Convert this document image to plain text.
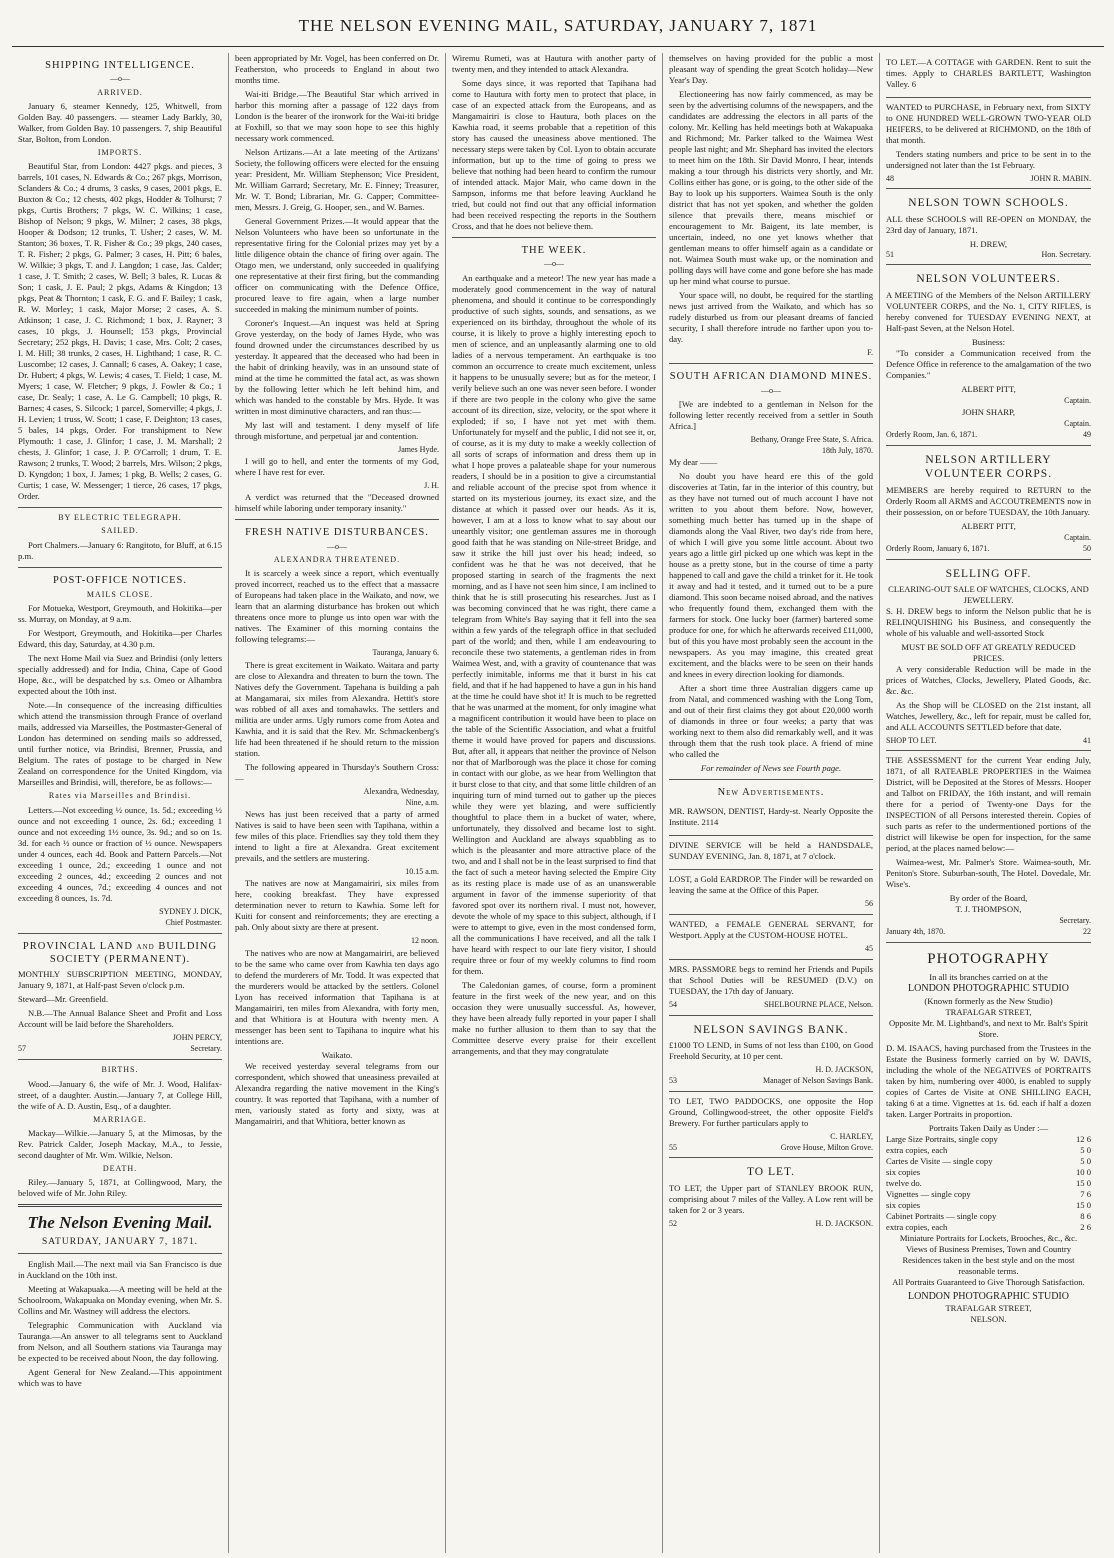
THE NELSON EVENING MAIL, SATURDAY, JANUARY 7, 1871
SHIPPING INTELLIGENCE.
—o—
ARRIVED.

January 6, steamer Kennedy, 125, Whitwell, from Golden Bay. 40 passengers. — steamer Lady Barkly, 30, Walker, from Golden Bay. 10 passengers. 7, ship Beautiful Star, Bolton, from London.

IMPORTS.

Beautiful Star, from London: 4427 pkgs. and pieces, 3 barrels, 101 cases, N. Edwards & Co.; 267 pkgs, Morrison, Sclanders & Co.; 4 drums, 3 casks, 9 cases, 2001 pkgs, E. Buxton & Co.; 12 chests, 402 pkgs, Hodder & Tolhurst; 7 pkgs, Curtis Brothers; 7 pkgs, W. C. Wilkins; 1 case, Bishop of Nelson; 9 pkgs, W. Milner; 2 cases, 38 pkgs, Hooper & Dodson; 12 trunks, T. Usher; 2 cases, W. M. Stanton; 36 boxes, T. R. Fisher & Co.; 39 pkgs, 240 cases, T. R. Fisher; 2 pkgs, G. Palmer; 3 cases, H. Pitt; 6 bales, W. Wilkie; 3 pkgs, T. and J. Langdon; 1 case, Jas. Calder; 1 case, J. T. Smith; 2 cases, W. Bell; 3 bales, R. Lucas & Son; 1 cask, J. E. Paul; 2 pkgs, Adams & Kingdon; 13 pkgs, Peat & Thornton; 1 cask, F. G. and F. Bailey; 1 cask, R. W. Morley; 1 cask, Major Morse; 2 cases, A. S. Atkinson; 1 case, J. C. Richmond; 1 box, J. Rayner; 3 cases, 10 pkgs, J. Hounsell; 153 pkgs, Provincial Secretary; 252 pkgs, H. Davis; 1 case, Mrs. Colt; 2 cases, I. M. Hill; 38 trunks, 2 cases, H. Lighthand; 1 case, R. C. Luscombe; 12 cases, J. Cannall; 6 cases, A. Oakey; 1 case, Dr. Hubert; 4 pkgs, W. Lewis; 4 cases, T. Field; 1 case, M. Myers; 1 case, W. Fletcher; 9 pkgs, J. Fowler & Co.; 1 case, Dr. Sealy; 1 case, A. Le G. Campbell; 10 pkgs, R. Barnes; 4 cases, S. Silcock; 1 parcel, Somerville; 4 pkgs, J. H. Levien; 1 truss, W. Scott; 1 case, F. Deighton; 13 cases, 5 bales, 14 pkgs, Order. For transhipment to New Plymouth: 1 case, J. Glinfor; 1 case, J. M. Marshall; 2 chests, J. Glinfor; 1 case, J. P. O'Carroll; 1 drum, T. E. Rawson; 2 trunks, T. Wood; 2 barrels, Mrs. Wilson; 2 pkgs, D. Kyngdon; 1 box, J. James; 1 pkg, B. Wells; 2 cases, G. Curtis; 1 case, W. Messenger; 1 tierce, 26 cases, 17 pkgs, Order.

BY ELECTRIC TELEGRAPH.
SAILED.

Port Chalmers.—January 6: Rangitoto, for Bluff, at 6.15 p.m.

POST-OFFICE NOTICES.
MAILS CLOSE.

For Motueka, Westport, Greymouth, and Hokitika—per ss. Murray, on Monday, at 9 a.m.

For Westport, Greymouth, and Hokitika—per Charles Edward, this day, Saturday, at 4.30 p.m.

The next Home Mail via Suez and Brindisi (only letters specially addressed) and for India, China, Cape of Good Hope, &c., will be despatched by s.s. Omeo or Alhambra expected about the 10th inst.

Note.—In consequence of the increasing difficulties which attend the transmission through France of overland mails, addressed via Marseilles, the Postmaster-General of London has determined on sending mails so addressed, until further notice, via Brindisi, Brenner, Prussia, and Belgium. The rates of postage to be charged in New Zealand on correspondence for the United Kingdom, via Marseilles and Brindisi, will, therefore, be as follows:—

Rates via Marseilles and Brindisi.

Letters.—Not exceeding ½ ounce, 1s. 5d.; exceeding ½ ounce and not exceeding 1 ounce, 2s. 6d.; exceeding 1 ounce and not exceeding 1½ ounce, 3s. 9d.; and so on 1s. 3d. for each ½ ounce or fraction of ½ ounce. Newspapers under 4 ounces, each 4d. Book and Pattern Parcels.—Not exceeding 1 ounce, 2d.; exceeding 1 ounce and not exceeding 2 ounces, 4d.; exceeding 2 ounces and not exceeding 4 ounces, 7d.; exceeding 4 ounces and not exceeding 8 ounces, 1s. 7d.

SYDNEY J. DICK,
Chief Postmaster.
PROVINCIAL LAND and BUILDING SOCIETY (PERMANENT).

MONTHLY SUBSCRIPTION MEETING, MONDAY, January 9, 1871, at Half-past Seven o'clock p.m.

Steward—Mr. Greenfield.

N.B.—The Annual Balance Sheet and Profit and Loss Account will be laid before the Shareholders.

JOHN PERCY,
57	Secretary.
BIRTHS.

Wood.—January 6, the wife of Mr. J. Wood, Halifax-street, of a daughter. Austin.—January 7, at College Hill, the wife of A. D. Austin, Esq., of a daughter.

MARRIAGE.

Mackay—Wilkie.—January 5, at the Mimosas, by the Rev. Patrick Calder, Joseph Mackay, M.A., to Jessie, second daughter of Mr. Wm. Wilkie, Nelson.

DEATH.

Riley.—January 5, 1871, at Collingwood, Mary, the beloved wife of Mr. John Riley.

The Nelson Evening Mail.
SATURDAY, JANUARY 7, 1871.

English Mail.—The next mail via San Francisco is due in Auckland on the 10th inst.

Meeting at Wakapuaka.—A meeting will be held at the Schoolroom, Wakapuaka on Monday evening, when Mr. S. Collins and Mr. Wastney will address the electors.

Telegraphic Communication with Auckland via Tauranga.—An answer to all telegrams sent to Auckland from Nelson, and all Southern stations via Tauranga may be expected to be received about Noon, the day following.

Agent General for New Zealand.—This appointment which was to have

been appropriated by Mr. Vogel, has been conferred on Dr. Featherston, who proceeds to England in about two months time.

Wai-iti Bridge.—The Beautiful Star which arrived in harbor this morning after a passage of 122 days from London is the bearer of the ironwork for the Wai-iti bridge at Foxhill, so that we may soon hope to see this highly necessary work commenced.

Nelson Artizans.—At a late meeting of the Artizans' Society, the following officers were elected for the ensuing year: President, Mr. William Stephenson; Vice President, Mr. William Garrard; Secretary, Mr. E. Finney; Treasurer, Mr. W. T. Bond; Librarian, Mr. G. Capper; Committee-men, Messrs. J. Greig, G. Hooper, sen., and W. Barnes.

General Government Prizes.—It would appear that the Nelson Volunteers who have been so unfortunate in the representative firing for the Colonial prizes may yet by a little diligence obtain the chance of firing over again. The Otago men, we understand, only succeeded in qualifying one representative at their first firing, but the commanding officer on communicating with the Defence Office, procured leave to fire again, when a large number succeeded in making the minimum number of points.

Coroner's Inquest.—An inquest was held at Spring Grove yesterday, on the body of James Hyde, who was found drowned under the circumstances described by us yesterday. It appeared that the deceased who had been in the habit of drinking heavily, was in an unsound state of mind at the time he committed the fatal act, as was shown by the following letter which he left behind him, and which was handed to the constable by Mrs. Hyde. It was written in most diminutive characters, and ran thus:—

My last will and testament. I deny myself of life through misfortune, and perpetual jar and contention.

James Hyde.

I will go to hell, and enter the torments of my God, where I have rest for ever.

J. H.

A verdict was returned that the "Deceased drowned himself while laboring under temporary insanity."

FRESH NATIVE DISTURBANCES.
—o—
ALEXANDRA THREATENED.

It is scarcely a week since a report, which eventually proved incorrect, reached us to the effect that a massacre of Europeans had taken place in the Waikato, and now, we learn that an alarming disturbance has broken out which threatens once more to plunge us into open war with the natives. The Examiner of this morning contains the following telegrams:—

Tauranga, January 6.

There is great excitement in Waikato. Waitara and party are close to Alexandra and threaten to burn the town. The Natives defy the Government. Tapehana is building a pah at Mangamarai, six miles from Alexandra. Hettit's store was robbed of all axes and tomahawks. The settlers and militia are under arms. Ugly rumors come from Aotea and Kawhia, and it is said that the Rev. Mr. Schmackenberg's life had been threatened if he should return to the mission station.

The following appeared in Thursday's Southern Cross:—

Alexandra, Wednesday,
Nine, a.m.

News has just been received that a party of armed Natives is said to have been seen with Tapihana, within a few miles of this place. Friendlies say they told them they intend to light a fire at Alexandra. Great excitement prevails, and the settlers are mustering.

10.15 a.m.

The natives are now at Mangamairiri, six miles from here, cooking breakfast. They have expressed determination never to return to Kawhia. Some left for Kuiti for consent and reinforcements; they are erecting a pah. Only about sixty are there at present.

12 noon.

The natives who are now at Mangamairiri, are believed to be the same who came over from Kawhia ten days ago to defend the murderers of Mr. Todd. It was expected that the murderers would be attacked by the settlers. Colonel Lyon has received information that Tapihana is at Mangamairiri, ten miles from Alexandra, with forty men, and that Whitiora is at Houtura with twenty men. A messenger has been sent to Tapihana to inquire what his intentions are.

Waikato.

We received yesterday several telegrams from our correspondent, which showed that uneasiness prevailed at Alexandra regarding the native movement in the King's country. It was reported that Tapihana, with a number of men, variously stated as forty and sixty, was at Mangamairiri, and that Whitiora, better known as

Wiremu Rumeti, was at Hautura with another party of twenty men, and they intended to attack Alexandra.

Some days since, it was reported that Tapihana had come to Hautura with forty men to protect that place, in case of an expected attack from the Europeans, and as Mangamairiri is close to Hautura, both places on the Kawhia road, it seems probable that a repetition of this story has caused the uneasiness above mentioned. The necessary steps were taken by Col. Lyon to obtain accurate information, but up to the time of going to press we believe that nothing had been heard to confirm the rumour of intended attack. Major Mair, who came down in the Sampson, informs me that before leaving Auckland he tried, but could not find out that any official information had been received respecting the reports in the Southern Cross, and that he does not believe them.

THE WEEK.
—o—

An earthquake and a meteor! The new year has made a moderately good commencement in the way of natural phenomena, and should it continue to be correspondingly productive of such sights, sounds, and sensations, as we experienced on its birthday, throughout the whole of its course, it is likely to prove a highly interesting epoch to men of science, and an unpleasantly alarming one to old ladies of a nervous temperament. An earthquake is too common an occurrence to create much excitement, unless it happens to be unusually severe; but as for the meteor, I verily believe such an one was never seen before. I wonder if there are two people in the colony who give the same account of its direction, size, velocity, or the spot where it exploded; if so, I have not yet met with them. Unfortunately for myself and the public, I did not see it, or, of course, as it is my duty to make a weekly collection of all sorts of scraps of information and dress them up in what I hope proves a palateable shape for your numerous readers, I should be in a position to give a circumstantial and reliable account of the precise spot from whence it started on its mysterious journey, its exact size, and the distance at which it passed over our heads. As it is, however, I am at a loss to know what to say about our unearthly visitor; one gentleman assures me in thorough good faith that he was standing on Nile-street Bridge, and saw it strike the hill just over his head; indeed, so confident was he that he was not deceived, that he proposed starting in search of the fragments the next morning, and as I have not seen him since, I am inclined to think that he is still prosecuting his researches. Just as I was becoming convinced that he was right, there came a telegram from White's Bay saying that it fell into the sea within a few yards of the telegraph office in that secluded part of the world; and then, while I am endeavouring to reconcile these two statements, a gentleman rides in from Waimea West, and, with a gravity of countenance that was perfectly inimitable, informs me that it burst in his cat field, and that if he had happened to have a gun in his hand at the time he could have shot it! It is much to be regretted that he was unarmed at the moment, for only imagine what a magnificent contribution it would have been to place on the table of the Scientific Association, and what a fruitful theme it would have proved for papers and discussions. But, after all, it appears that neither the province of Nelson nor that of Marlborough was the place it chose for coming in contact with our globe, as we hear from Wellington that it burst close to that city, and that some little children of an inquiring turn of mind turned out to gather up the pieces while they were yet blazing, and were sufficiently thoughtful to place them in a bucket of water, where, unfortunately, they dissolved and became lost to sight. Wellington and Auckland are always squabbling as to which is the pleasanter and more attractive place of the two, and and I shall not be in the least surprised to find that the fact of such a meteor having selected the Empire City as its resting place is made use of as an unanswerable argument in favor of the immense superiority of that favored spot over its northern rival. I must not, however, devote the whole of my space to this subject, although, if I were to attempt to give, even in the most condensed form, all the communications I have received, and all the talk I have heard with respect to our late fiery visitor, I should require three or four of my weekly columns to find room for them.

The Caledonian games, of course, form a prominent feature in the first week of the new year, and on this occasion they were unusually successful. As, however, they have been already fully reported in your paper I shall make no further allusion to them than to say that the Committee deserve every praise for their excellent arrangements, and that they may congratulate

themselves on having provided for the public a most pleasant way of spending the great Scotch holiday—New Year's Day.

Electioneering has now fairly commenced, as may be seen by the advertising columns of the newspapers, and the candidates are addressing the electors in all parts of the colony. Mr. Kelling has held meetings both at Wakapuaka and Richmond; Mr. Parker talked to the Waimea West people last night; and Mr. Shephard has invited the electors to meet him on the 18th. Sir David Monro, I hear, intends making a tour through his districts very shortly, and Mr. Collins either has gone, or is going, to the other side of the Bay to look up his supporters. Waimea South is the only district that has not yet spoken, and whether the golden silence that prevails there, means mischief or encouragement to Mr. Baigent, its late member, is uncertain, indeed, no one yet knows whether that gentleman means to offer himself again as a candidate or not. Waimea South must wake up, or the nomination and polling days will have come and gone before she has made up her mind what course to pursue.

Your space will, no doubt, be required for the startling news just arrived from the Waikato, and which has so rudely disturbed us from our pleasant dreams of fancied security, I shall therefore intrude no farther upon you to-day.

F.
SOUTH AFRICAN DIAMOND MINES.
—o—

[We are indebted to a gentleman in Nelson for the following letter recently received from a settler in South Africa.]

Bethany, Orange Free State, S. Africa.
18th July, 1870.

My dear ——

No doubt you have heard ere this of the gold discoveries at Tatin, far in the interior of this country, but as they have not turned out of much account I have not written to you about them before. Now, however, something much better has turned up in the shape of diamonds along the Vaal River, two day's ride from here, of which I will give you some little account. About two years ago a little girl picked up one which was kept in the house as a pretty stone, but in the course of time a party happened to call and gave the child a trinket for it. He took it away and had it tested, and it turned out to be a pure diamond. This soon became noised abroad, and the natives who frequently found them, exchanged them with the farmers for stock. One lucky boer (farmer) bartered some produce for one, for which he afterwards received £11,000, but of this you have most probably seen the account in the newspapers. As you may imagine, this created great excitement, and the blacks were to be seen on their hands and knees in every direction looking for diamonds.

After a short time three Australian diggers came up from Natal, and commenced washing with the Long Tom, and out of their first claims they got about £20,000 worth of diamonds in three or four weeks; a party that was working next to them also did remarkably well, and it was through them that the rush took place. A friend of mine who called the

For remainder of News see Fourth page.
New Advertisements.

MR. RAWSON, DENTIST, Hardy-st. Nearly Opposite the Institute. 2114

DIVINE SERVICE will be held a HANDSDALE, SUNDAY EVENING, Jan. 8, 1871, at 7 o'clock.

LOST, a Gold EARDROP. The Finder will be rewarded on leaving the same at the Office of this Paper.

56

WANTED, a FEMALE GENERAL SERVANT, for Westport. Apply at the CUSTOM-HOUSE HOTEL.

45

MRS. PASSMORE begs to remind her Friends and Pupils that School Duties will be RESUMED (D.V.) on TUESDAY, the 17th day of January.

54	SHELBOURNE PLACE, Nelson.
NELSON SAVINGS BANK.

£1000 TO LEND, in Sums of not less than £100, on Good Freehold Security, at 10 per cent.

H. D. JACKSON,
53	Manager of Nelson Savings Bank.

TO LET, TWO PADDOCKS, one opposite the Hop Ground, Collingwood-street, the other opposite Field's Brewery. For further particulars apply to

C. HARLEY,
55	Grove House, Milton Grove.
TO LET.

TO LET, the Upper part of STANLEY BROOK RUN, comprising about 7 miles of the Valley. A Low rent will be taken for 2 or 3 years.

52	H. D. JACKSON.

TO LET.—A COTTAGE with GARDEN. Rent to suit the times. Apply to CHARLES BARTLETT, Washington Valley. 6

WANTED to PURCHASE, in February next, from SIXTY to ONE HUNDRED WELL-GROWN TWO-YEAR OLD HEIFERS, to be delivered at RICHMOND, on the 18th of that month.

Tenders stating numbers and price to be sent in to the undersigned not later than the 1st February.

48	JOHN R. MABIN.
NELSON TOWN SCHOOLS.

ALL these SCHOOLS will RE-OPEN on MONDAY, the 23rd day of January, 1871.

H. DREW,
51	Hon. Secretary.
NELSON VOLUNTEERS.

A MEETING of the Members of the Nelson ARTILLERY VOLUNTEER CORPS, and the No. 1, CITY RIFLES, is hereby convened for TUESDAY EVENING NEXT, at Half-past Seven, at the Nelson Hotel.

Business:

"To consider a Communication received from the Defence Office in reference to the amalgamation of the two Companies."

ALBERT PITT,
Captain.
JOHN SHARP,
Captain.
Orderly Room, Jan. 6, 1871.	49
NELSON ARTILLERY VOLUNTEER CORPS.

MEMBERS are hereby required to RETURN to the Orderly Room all ARMS and ACCOUTREMENTS now in their possession, on or before TUESDAY, the 10th January.

ALBERT PITT,
Captain.
Orderly Room, January 6, 1871.	50
SELLING OFF.
CLEARING-OUT SALE OF WATCHES, CLOCKS, AND JEWELLERY.

S. H. DREW begs to inform the Nelson public that he is RELINQUISHING his Business, and consequently the whole of his valuable and well-assorted Stock

MUST BE SOLD OFF AT GREATLY REDUCED PRICES.

A very considerable Reduction will be made in the prices of Watches, Clocks, Jewellery, Plated Goods, &c. &c. &c.

As the Shop will be CLOSED on the 21st instant, all Watches, Jewellery, &c., left for repair, must be called for, and ALL ACCOUNTS SETTLED before that date.

SHOP TO LET.	41

THE ASSESSMENT for the current Year ending July, 1871, of all RATEABLE PROPERTIES in the Waimea District, will be Deposited at the Stores of Messrs. Hooper and Talbot on FRIDAY, the 16th instant, and will remain there for a period of Twenty-one Days for the INSPECTION of all Persons interested therein. Copies of such parts as refer to the undermentioned portions of the district will likewise be open for inspection, for the same period, at the places named below:—

Waimea-west, Mr. Palmer's Store. Waimea-south, Mr. Peniton's Store. Suburban-south, The Hotel. Dovedale, Mr. Wise's.

By order of the Board,
T. J. THOMPSON,
Secretary.
January 4th, 1870.	22
PHOTOGRAPHY
In all its branches carried on at the
LONDON PHOTOGRAPHIC STUDIO
(Known formerly as the New Studio)
TRAFALGAR STREET,
Opposite Mr. M. Lightband's, and next to Mr. Balt's Spirit Store.

D. M. ISAACS, having purchased from the Trustees in the Estate the Business formerly carried on by W. DAVIS, including the whole of the NEGATIVES of PORTRAITS taken by him, numbering over 4000, is enabled to supply copies of Cartes de Visite at ONE SHILLING EACH, taking 6 at a time. Vignettes at 1s. 6d. each if half a dozen taken. Larger Portraits in proportion.

Portraits Taken Daily as Under :—
Large Size Portraits, single copy	12 6
extra copies, each	5 0
Cartes de Visite — single copy	5 0
six copies	10 0
twelve do.	15 0
Vignettes — single copy	7 6
six copies	15 0
Cabinet Portraits — single copy	8 6
extra copies, each	2 6
Miniature Portraits for Lockets, Brooches, &c., &c.
Views of Business Premises, Town and Country Residences taken in the best style and on the most reasonable terms.
All Portraits Guaranteed to Give Thorough Satisfaction.
LONDON PHOTOGRAPHIC STUDIO
TRAFALGAR STREET,
NELSON.
